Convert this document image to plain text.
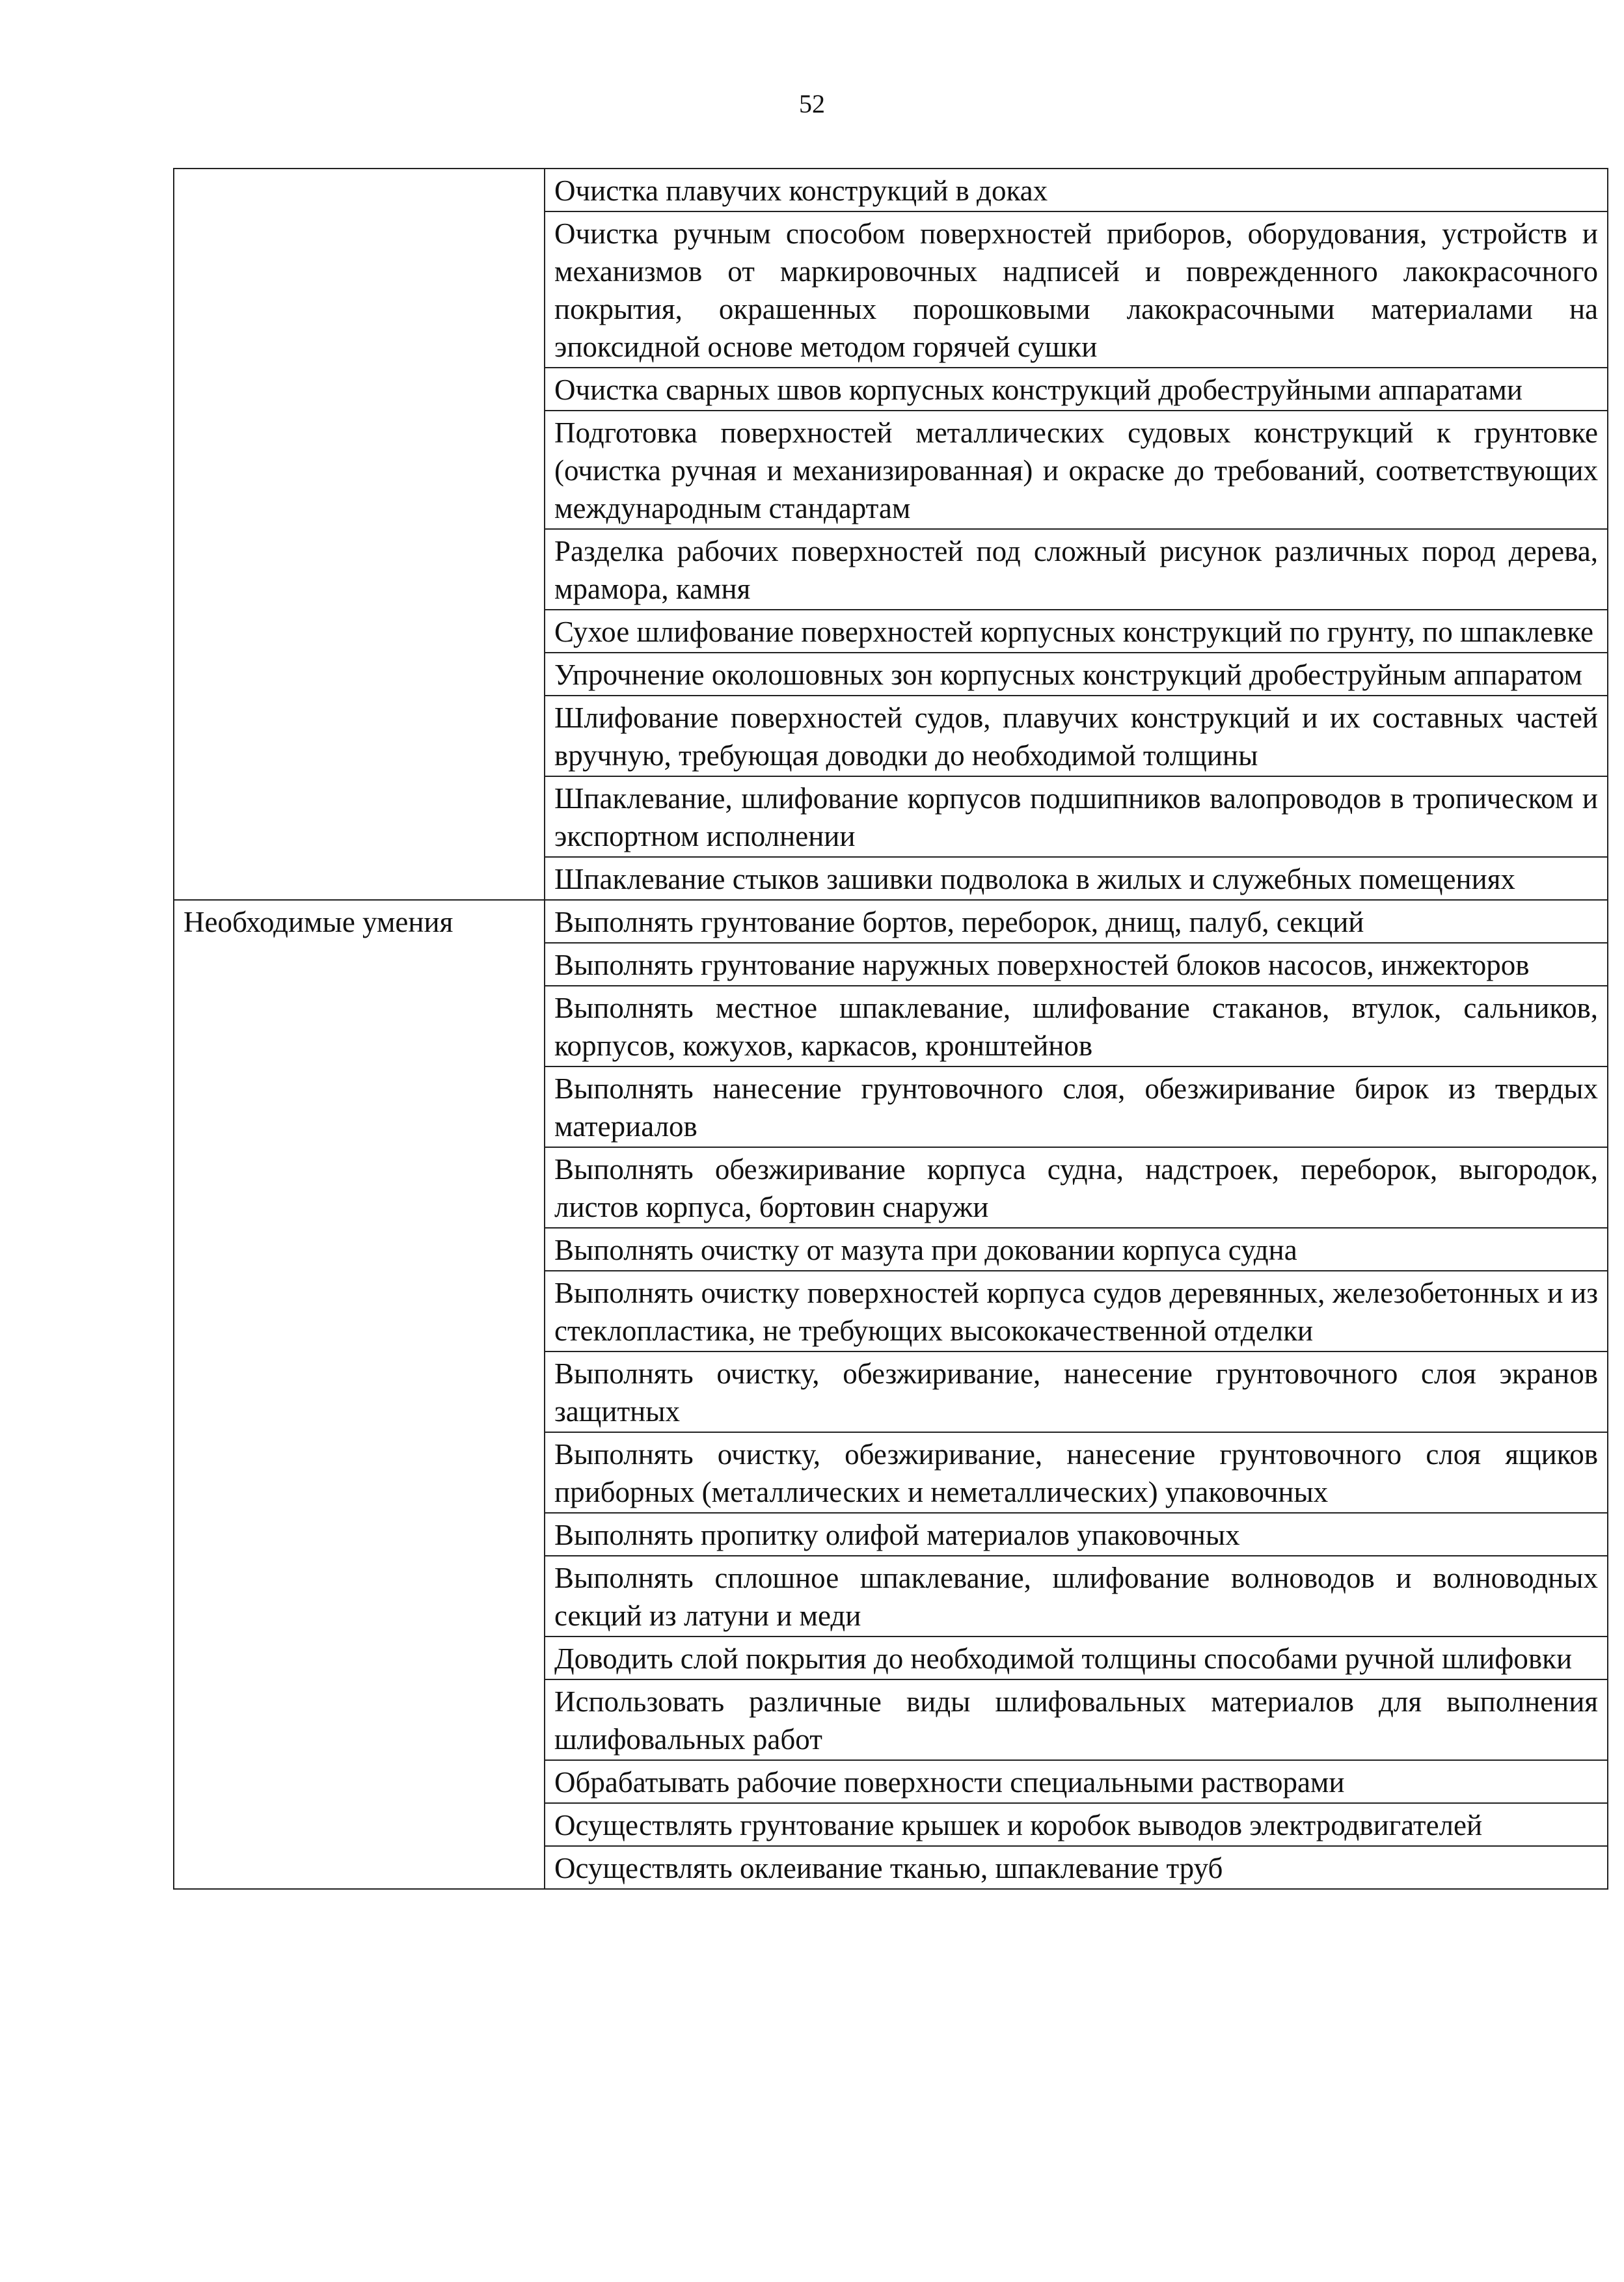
52
	Очистка плавучих конструкций в доках
	Очистка ручным способом поверхностей приборов, оборудования, устройств и механизмов от маркировочных надписей и поврежденного лакокрасочного покрытия, окрашенных порошковыми лакокрасочными материалами на эпоксидной основе методом горячей сушки
	Очистка сварных швов корпусных конструкций дробеструйными аппаратами
	Подготовка поверхностей металлических судовых конструкций к грунтовке (очистка ручная и механизированная) и окраске до требований, соответствующих международным стандартам
	Разделка рабочих поверхностей под сложный рисунок различных пород дерева, мрамора, камня
	Сухое шлифование поверхностей корпусных конструкций по грунту, по шпаклевке
	Упрочнение околошовных зон корпусных конструкций дробеструйным аппаратом
	Шлифование поверхностей судов, плавучих конструкций и их составных частей вручную, требующая доводки до необходимой толщины
	Шпаклевание, шлифование корпусов подшипников валопроводов в тропическом и экспортном исполнении
	Шпаклевание стыков зашивки подволока в жилых и служебных помещениях
Необходимые умения	Выполнять грунтование бортов, переборок, днищ, палуб, секций
	Выполнять грунтование наружных поверхностей блоков насосов, инжекторов
	Выполнять местное шпаклевание, шлифование стаканов, втулок, сальников, корпусов, кожухов, каркасов, кронштейнов
	Выполнять нанесение грунтовочного слоя, обезжиривание бирок из твердых материалов
	Выполнять обезжиривание корпуса судна, надстроек, переборок, выгородок, листов корпуса, бортовин снаружи
	Выполнять очистку от мазута при доковании корпуса судна
	Выполнять очистку поверхностей корпуса судов деревянных, железобетонных и из стеклопластика, не требующих высококачественной отделки
	Выполнять очистку, обезжиривание, нанесение грунтовочного слоя экранов защитных
	Выполнять очистку, обезжиривание, нанесение грунтовочного слоя ящиков приборных (металлических и неметаллических) упаковочных
	Выполнять пропитку олифой материалов упаковочных
	Выполнять сплошное шпаклевание, шлифование волноводов и волноводных секций из латуни и меди
	Доводить слой покрытия до необходимой толщины способами ручной шлифовки
	Использовать различные виды шлифовальных материалов для выполнения шлифовальных работ
	Обрабатывать рабочие поверхности специальными растворами
	Осуществлять грунтование крышек и коробок выводов электродвигателей
	Осуществлять оклеивание тканью, шпаклевание труб
